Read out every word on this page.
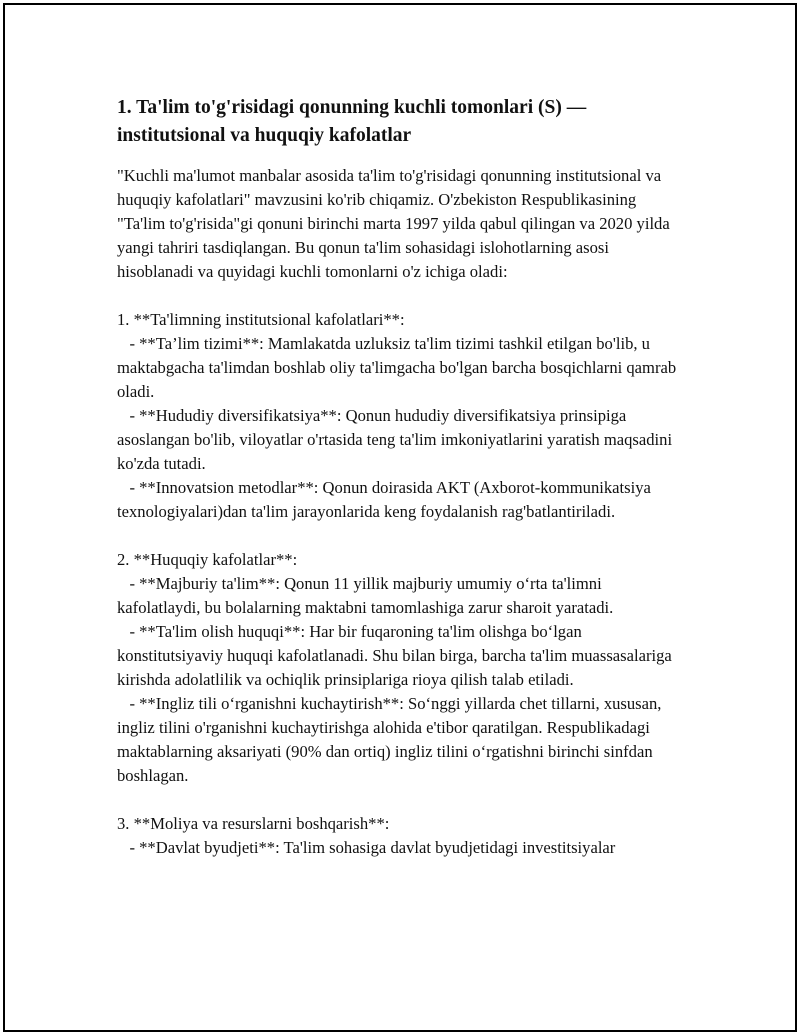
1. Ta'lim to'g'risidagi qonunning kuchli tomonlari (S) — institutsional va huquqiy kafolatlar

"Kuchli ma'lumot manbalar asosida ta'lim to'g'risidagi qonunning institutsional va huquqiy kafolatlari" mavzusini ko'rib chiqamiz. O'zbekiston Respublikasining "Ta'lim to'g'risida"gi qonuni birinchi marta 1997 yilda qabul qilingan va 2020 yilda yangi tahriri tasdiqlangan. Bu qonun ta'lim sohasidagi islohotlarning asosi hisoblanadi va quyidagi kuchli tomonlarni o'z ichiga oladi:

1. **Ta'limning institutsional kafolatlari**:
- **Ta’lim tizimi**: Mamlakatda uzluksiz ta'lim tizimi tashkil etilgan bo'lib, u maktabgacha ta'limdan boshlab oliy ta'limgacha bo'lgan barcha bosqichlarni qamrab oladi.
- **Hududiy diversifikatsiya**: Qonun hududiy diversifikatsiya prinsipiga asoslangan bo'lib, viloyatlar o'rtasida teng ta'lim imkoniyatlarini yaratish maqsadini ko'zda tutadi.
- **Innovatsion metodlar**: Qonun doirasida AKT (Axborot-kommunikatsiya texnologiyalari)dan ta'lim jarayonlarida keng foydalanish rag'batlantiriladi.

2. **Huquqiy kafolatlar**:
- **Majburiy ta'lim**: Qonun 11 yillik majburiy umumiy o‘rta ta'limni kafolatlaydi, bu bolalarning maktabni tamomlashiga zarur sharoit yaratadi.
- **Ta'lim olish huquqi**: Har bir fuqaroning ta'lim olishga bo‘lgan konstitutsiyaviy huquqi kafolatlanadi. Shu bilan birga, barcha ta'lim muassasalariga kirishda adolatlilik va ochiqlik prinsiplariga rioya qilish talab etiladi.
- **Ingliz tili o‘rganishni kuchaytirish**: So‘nggi yillarda chet tillarni, xususan, ingliz tilini o'rganishni kuchaytirishga alohida e'tibor qaratilgan. Respublikadagi maktablarning aksariyati (90% dan ortiq) ingliz tilini o‘rgatishni birinchi sinfdan boshlagan.

3. **Moliya va resurslarni boshqarish**:
- **Davlat byudjeti**: Ta'lim sohasiga davlat byudjetidagi investitsiyalar
